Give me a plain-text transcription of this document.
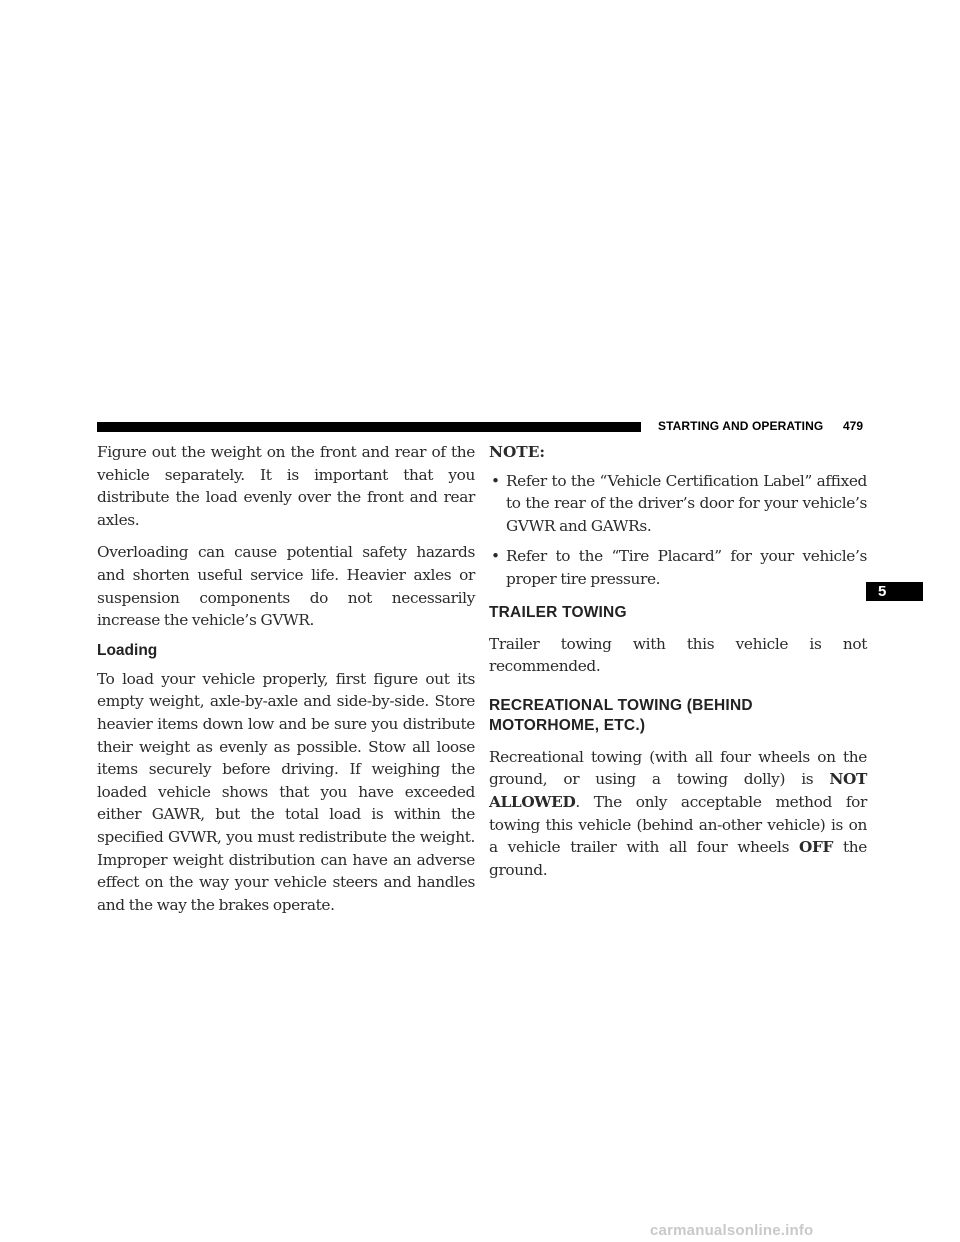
STARTING AND OPERATING 479

Figure out the weight on the front and rear of the vehicle separately. It is important that you distribute the load evenly over the front and rear axles.

Overloading can cause potential safety hazards and shorten useful service life. Heavier axles or suspension components do not necessarily increase the vehicle’s GVWR.

Loading

To load your vehicle properly, first figure out its empty weight, axle-by-axle and side-by-side. Store heavier items down low and be sure you distribute their weight as evenly as possible. Stow all loose items securely before driving. If weighing the loaded vehicle shows that you have exceeded either GAWR, but the total load is within the specified GVWR, you must redistribute the weight. Improper weight distribution can have an adverse effect on the way your vehicle steers and handles and the way the brakes operate.

NOTE:
• Refer to the “Vehicle Certification Label” affixed to the rear of the driver’s door for your vehicle’s GVWR and GAWRs.

• Refer to the “Tire Placard” for your vehicle’s proper tire pressure.

TRAILER TOWING

Trailer towing with this vehicle is not recommended.

RECREATIONAL TOWING (BEHIND
MOTORHOME, ETC.)

Recreational towing (with all four wheels on the ground, or using a towing dolly) is NOT ALLOWED. The only acceptable method for towing this vehicle (behind an-other vehicle) is on a vehicle trailer with all four wheels OFF the ground.

5
carmanualsonline.info
